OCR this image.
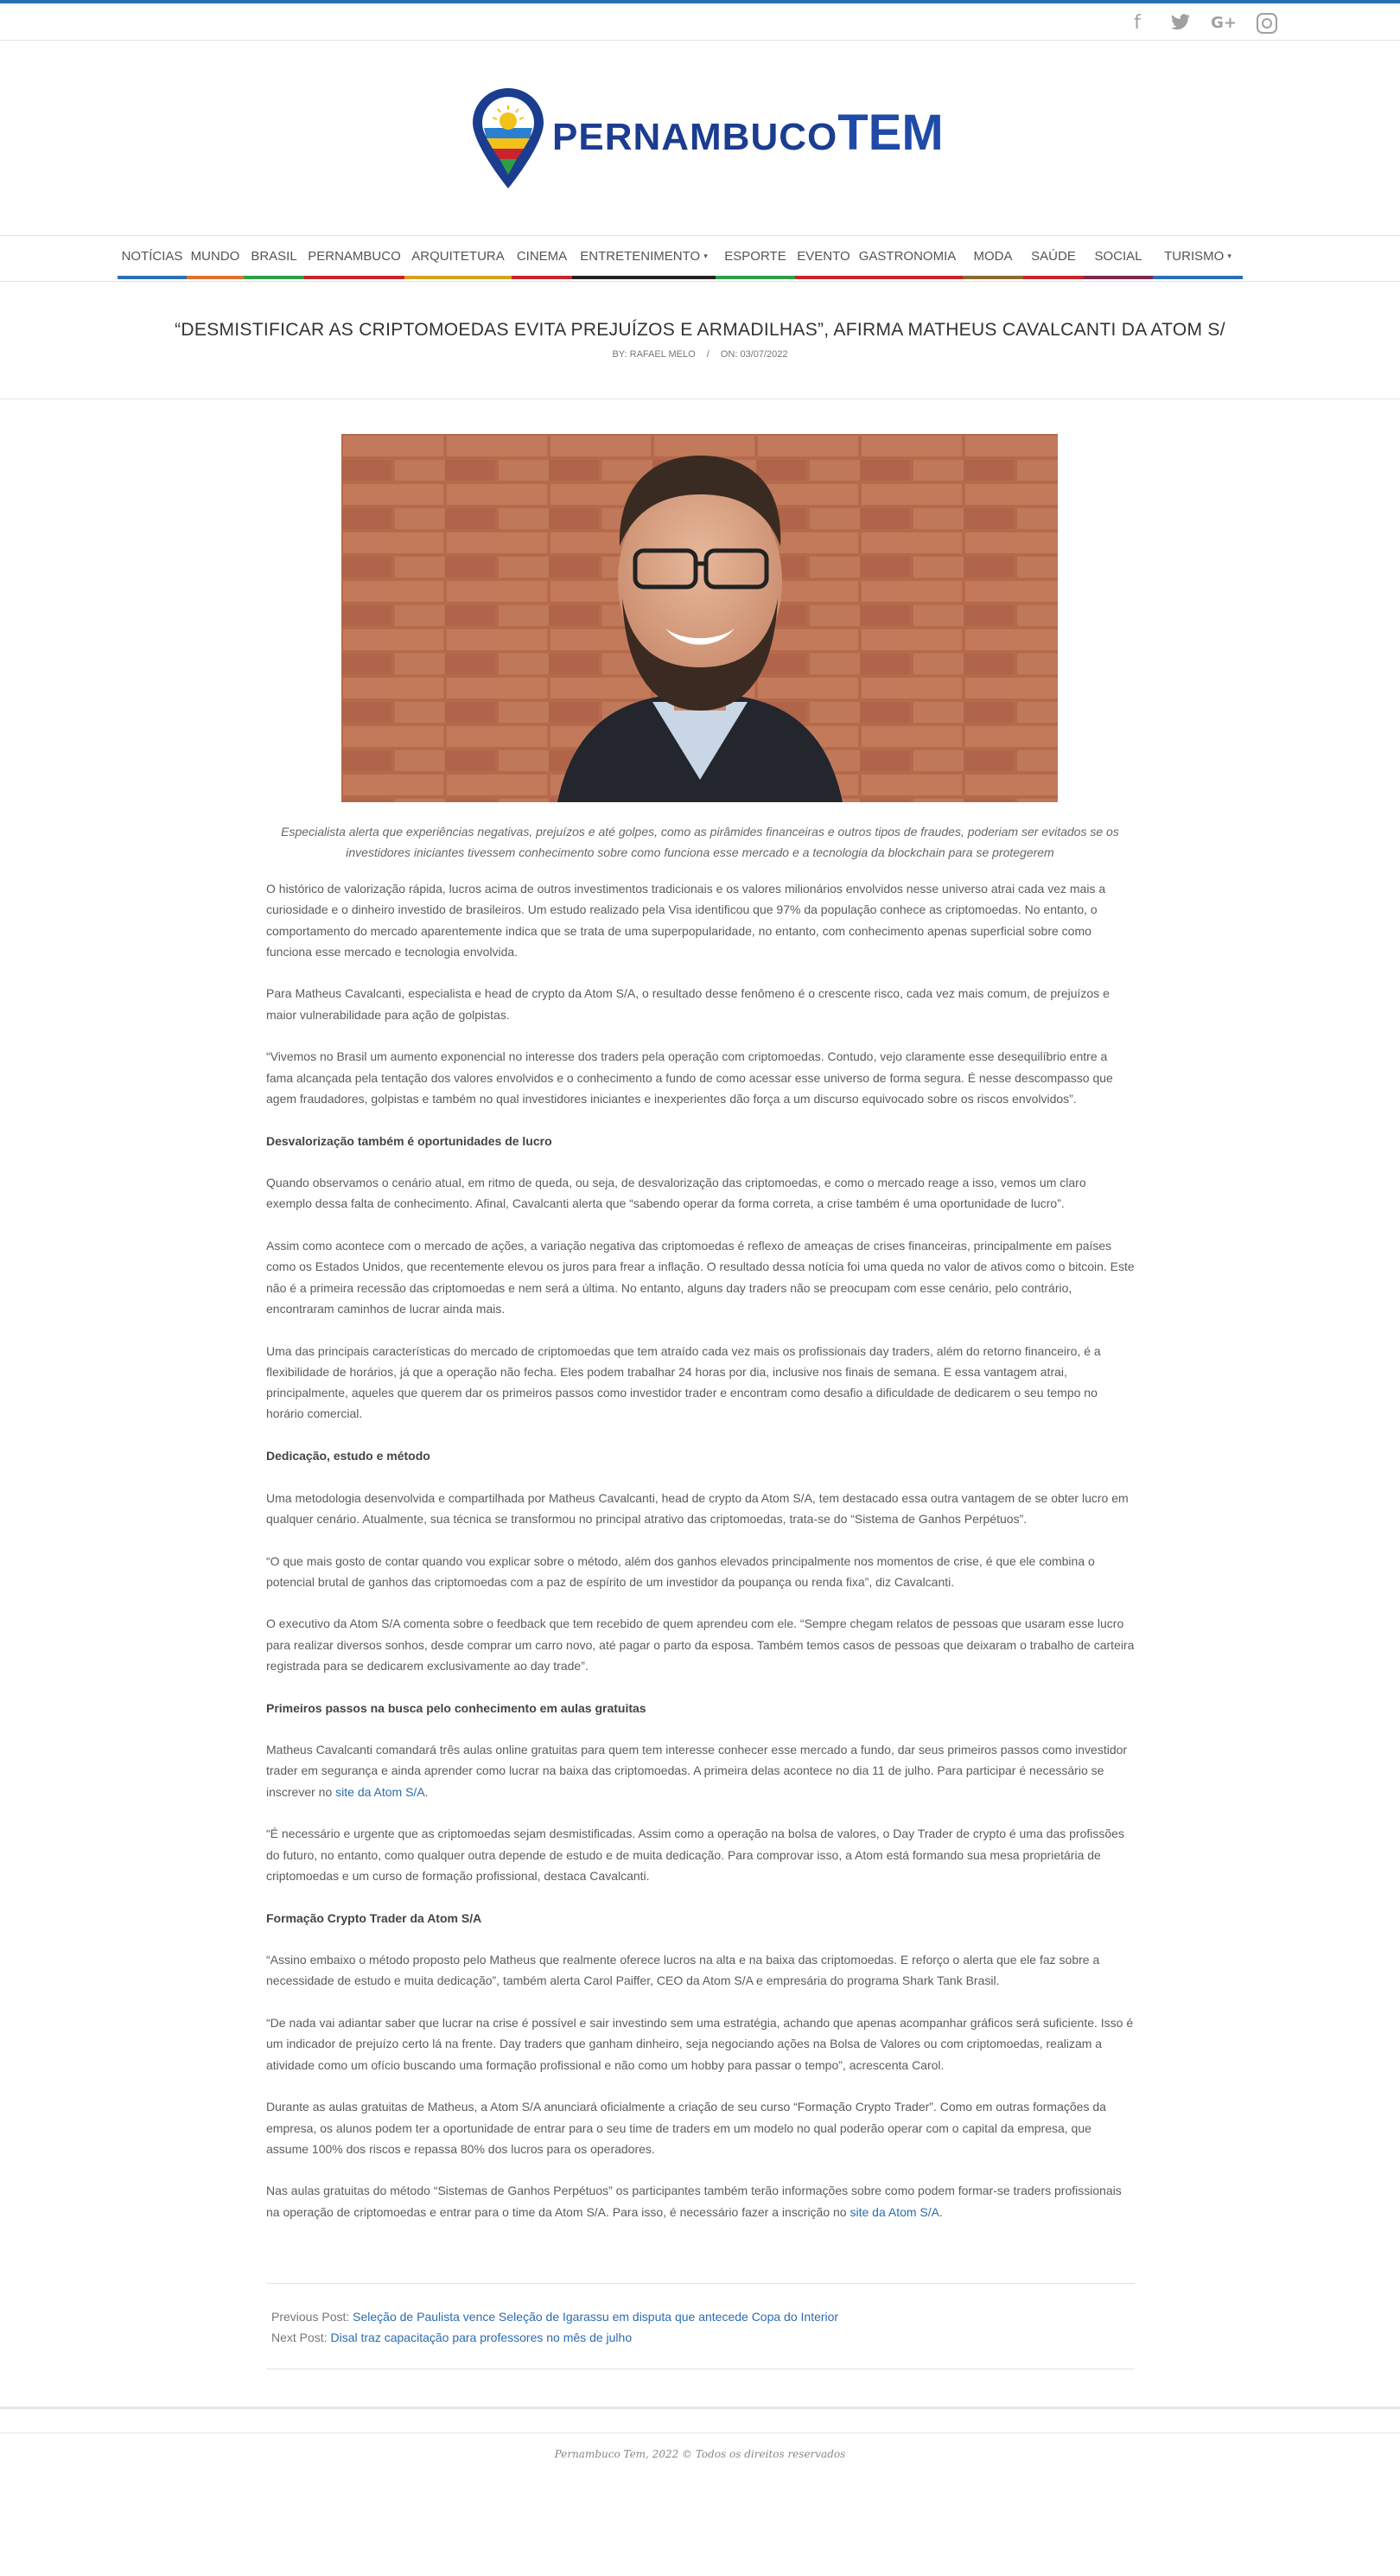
f	G+
PERNAMBUCOTEM
NOTÍCIAS MUNDO BRASIL PERNAMBUCO ARQUITETURA CINEMA ENTRETENIMENTO ▾ ESPORTE EVENTO GASTRONOMIA MODA SAÚDE SOCIAL TURISMO ▾
“DESMISTIFICAR AS CRIPTOMOEDAS EVITA PREJUÍZOS E ARMADILHAS”, AFIRMA MATHEUS CAVALCANTI DA ATOM S/
BY: RAFAEL MELO / ON: 03/07/2022
Especialista alerta que experiências negativas, prejuízos e até golpes, como as pirâmides financeiras e outros tipos de fraudes, poderiam ser evitados se os investidores iniciantes tivessem conhecimento sobre como funciona esse mercado e a tecnologia da blockchain para se protegerem

O histórico de valorização rápida, lucros acima de outros investimentos tradicionais e os valores milionários envolvidos nesse universo atrai cada vez mais a curiosidade e o dinheiro investido de brasileiros. Um estudo realizado pela Visa identificou que 97% da população conhece as criptomoedas. No entanto, o comportamento do mercado aparentemente indica que se trata de uma superpopularidade, no entanto, com conhecimento apenas superficial sobre como funciona esse mercado e tecnologia envolvida.

Para Matheus Cavalcanti, especialista e head de crypto da Atom S/A, o resultado desse fenômeno é o crescente risco, cada vez mais comum, de prejuízos e maior vulnerabilidade para ação de golpistas.

“Vivemos no Brasil um aumento exponencial no interesse dos traders pela operação com criptomoedas. Contudo, vejo claramente esse desequilíbrio entre a fama alcançada pela tentação dos valores envolvidos e o conhecimento a fundo de como acessar esse universo de forma segura. É nesse descompasso que agem fraudadores, golpistas e também no qual investidores iniciantes e inexperientes dão força a um discurso equivocado sobre os riscos envolvidos”.

Desvalorização também é oportunidades de lucro

Quando observamos o cenário atual, em ritmo de queda, ou seja, de desvalorização das criptomoedas, e como o mercado reage a isso, vemos um claro exemplo dessa falta de conhecimento. Afinal, Cavalcanti alerta que “sabendo operar da forma correta, a crise também é uma oportunidade de lucro”.

Assim como acontece com o mercado de ações, a variação negativa das criptomoedas é reflexo de ameaças de crises financeiras, principalmente em países como os Estados Unidos, que recentemente elevou os juros para frear a inflação. O resultado dessa notícia foi uma queda no valor de ativos como o bitcoin. Este não é a primeira recessão das criptomoedas e nem será a última. No entanto, alguns day traders não se preocupam com esse cenário, pelo contrário, encontraram caminhos de lucrar ainda mais.

Uma das principais características do mercado de criptomoedas que tem atraído cada vez mais os profissionais day traders, além do retorno financeiro, é a flexibilidade de horários, já que a operação não fecha. Eles podem trabalhar 24 horas por dia, inclusive nos finais de semana. E essa vantagem atrai, principalmente, aqueles que querem dar os primeiros passos como investidor trader e encontram como desafio a dificuldade de dedicarem o seu tempo no horário comercial.

Dedicação, estudo e método

Uma metodologia desenvolvida e compartilhada por Matheus Cavalcanti, head de crypto da Atom S/A, tem destacado essa outra vantagem de se obter lucro em qualquer cenário. Atualmente, sua técnica se transformou no principal atrativo das criptomoedas, trata-se do “Sistema de Ganhos Perpétuos”.

“O que mais gosto de contar quando vou explicar sobre o método, além dos ganhos elevados principalmente nos momentos de crise, é que ele combina o potencial brutal de ganhos das criptomoedas com a paz de espírito de um investidor da poupança ou renda fixa”, diz Cavalcanti.

O executivo da Atom S/A comenta sobre o feedback que tem recebido de quem aprendeu com ele. “Sempre chegam relatos de pessoas que usaram esse lucro para realizar diversos sonhos, desde comprar um carro novo, até pagar o parto da esposa. Também temos casos de pessoas que deixaram o trabalho de carteira registrada para se dedicarem exclusivamente ao day trade”.

Primeiros passos na busca pelo conhecimento em aulas gratuitas

Matheus Cavalcanti comandará três aulas online gratuitas para quem tem interesse conhecer esse mercado a fundo, dar seus primeiros passos como investidor trader em segurança e ainda aprender como lucrar na baixa das criptomoedas. A primeira delas acontece no dia 11 de julho. Para participar é necessário se inscrever no site da Atom S/A.

“É necessário e urgente que as criptomoedas sejam desmistificadas. Assim como a operação na bolsa de valores, o Day Trader de crypto é uma das profissões do futuro, no entanto, como qualquer outra depende de estudo e de muita dedicação. Para comprovar isso, a Atom está formando sua mesa proprietária de criptomoedas e um curso de formação profissional, destaca Cavalcanti.

Formação Crypto Trader da Atom S/A

“Assino embaixo o método proposto pelo Matheus que realmente oferece lucros na alta e na baixa das criptomoedas. E reforço o alerta que ele faz sobre a necessidade de estudo e muita dedicação”, também alerta Carol Paiffer, CEO da Atom S/A e empresária do programa Shark Tank Brasil.

“De nada vai adiantar saber que lucrar na crise é possível e sair investindo sem uma estratégia, achando que apenas acompanhar gráficos será suficiente. Isso é um indicador de prejuízo certo lá na frente. Day traders que ganham dinheiro, seja negociando ações na Bolsa de Valores ou com criptomoedas, realizam a atividade como um ofício buscando uma formação profissional e não como um hobby para passar o tempo”, acrescenta Carol.

Durante as aulas gratuitas de Matheus, a Atom S/A anunciará oficialmente a criação de seu curso “Formação Crypto Trader”. Como em outras formações da empresa, os alunos podem ter a oportunidade de entrar para o seu time de traders em um modelo no qual poderão operar com o capital da empresa, que assume 100% dos riscos e repassa 80% dos lucros para os operadores.

Nas aulas gratuitas do método “Sistemas de Ganhos Perpétuos” os participantes também terão informações sobre como podem formar-se traders profissionais na operação de criptomoedas e entrar para o time da Atom S/A. Para isso, é necessário fazer a inscrição no site da Atom S/A.

Previous Post: Seleção de Paulista vence Seleção de Igarassu em disputa que antecede Copa do Interior
Next Post: Disal traz capacitação para professores no mês de julho
Pernambuco Tem, 2022 © Todos os direitos reservados
